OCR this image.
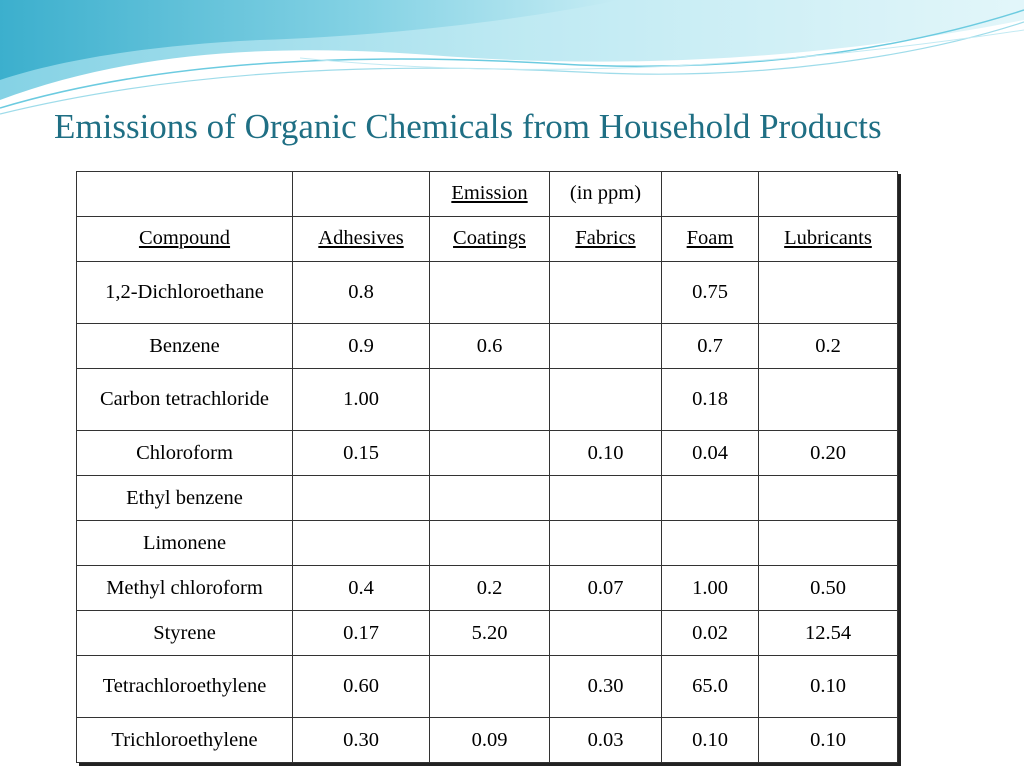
Emissions of Organic Chemicals from Household Products
		Emission	(in ppm)		
Compound	Adhesives	Coatings	Fabrics	Foam	Lubricants
1,2-Dichloroethane	0.8			0.75	
Benzene	0.9	0.6		0.7	0.2
Carbon tetrachloride	1.00			0.18	
Chloroform	0.15		0.10	0.04	0.20
Ethyl benzene					
Limonene					
Methyl chloroform	0.4	0.2	0.07	1.00	0.50
Styrene	0.17	5.20		0.02	12.54
Tetrachloroethylene	0.60		0.30	65.0	0.10
Trichloroethylene	0.30	0.09	0.03	0.10	0.10
